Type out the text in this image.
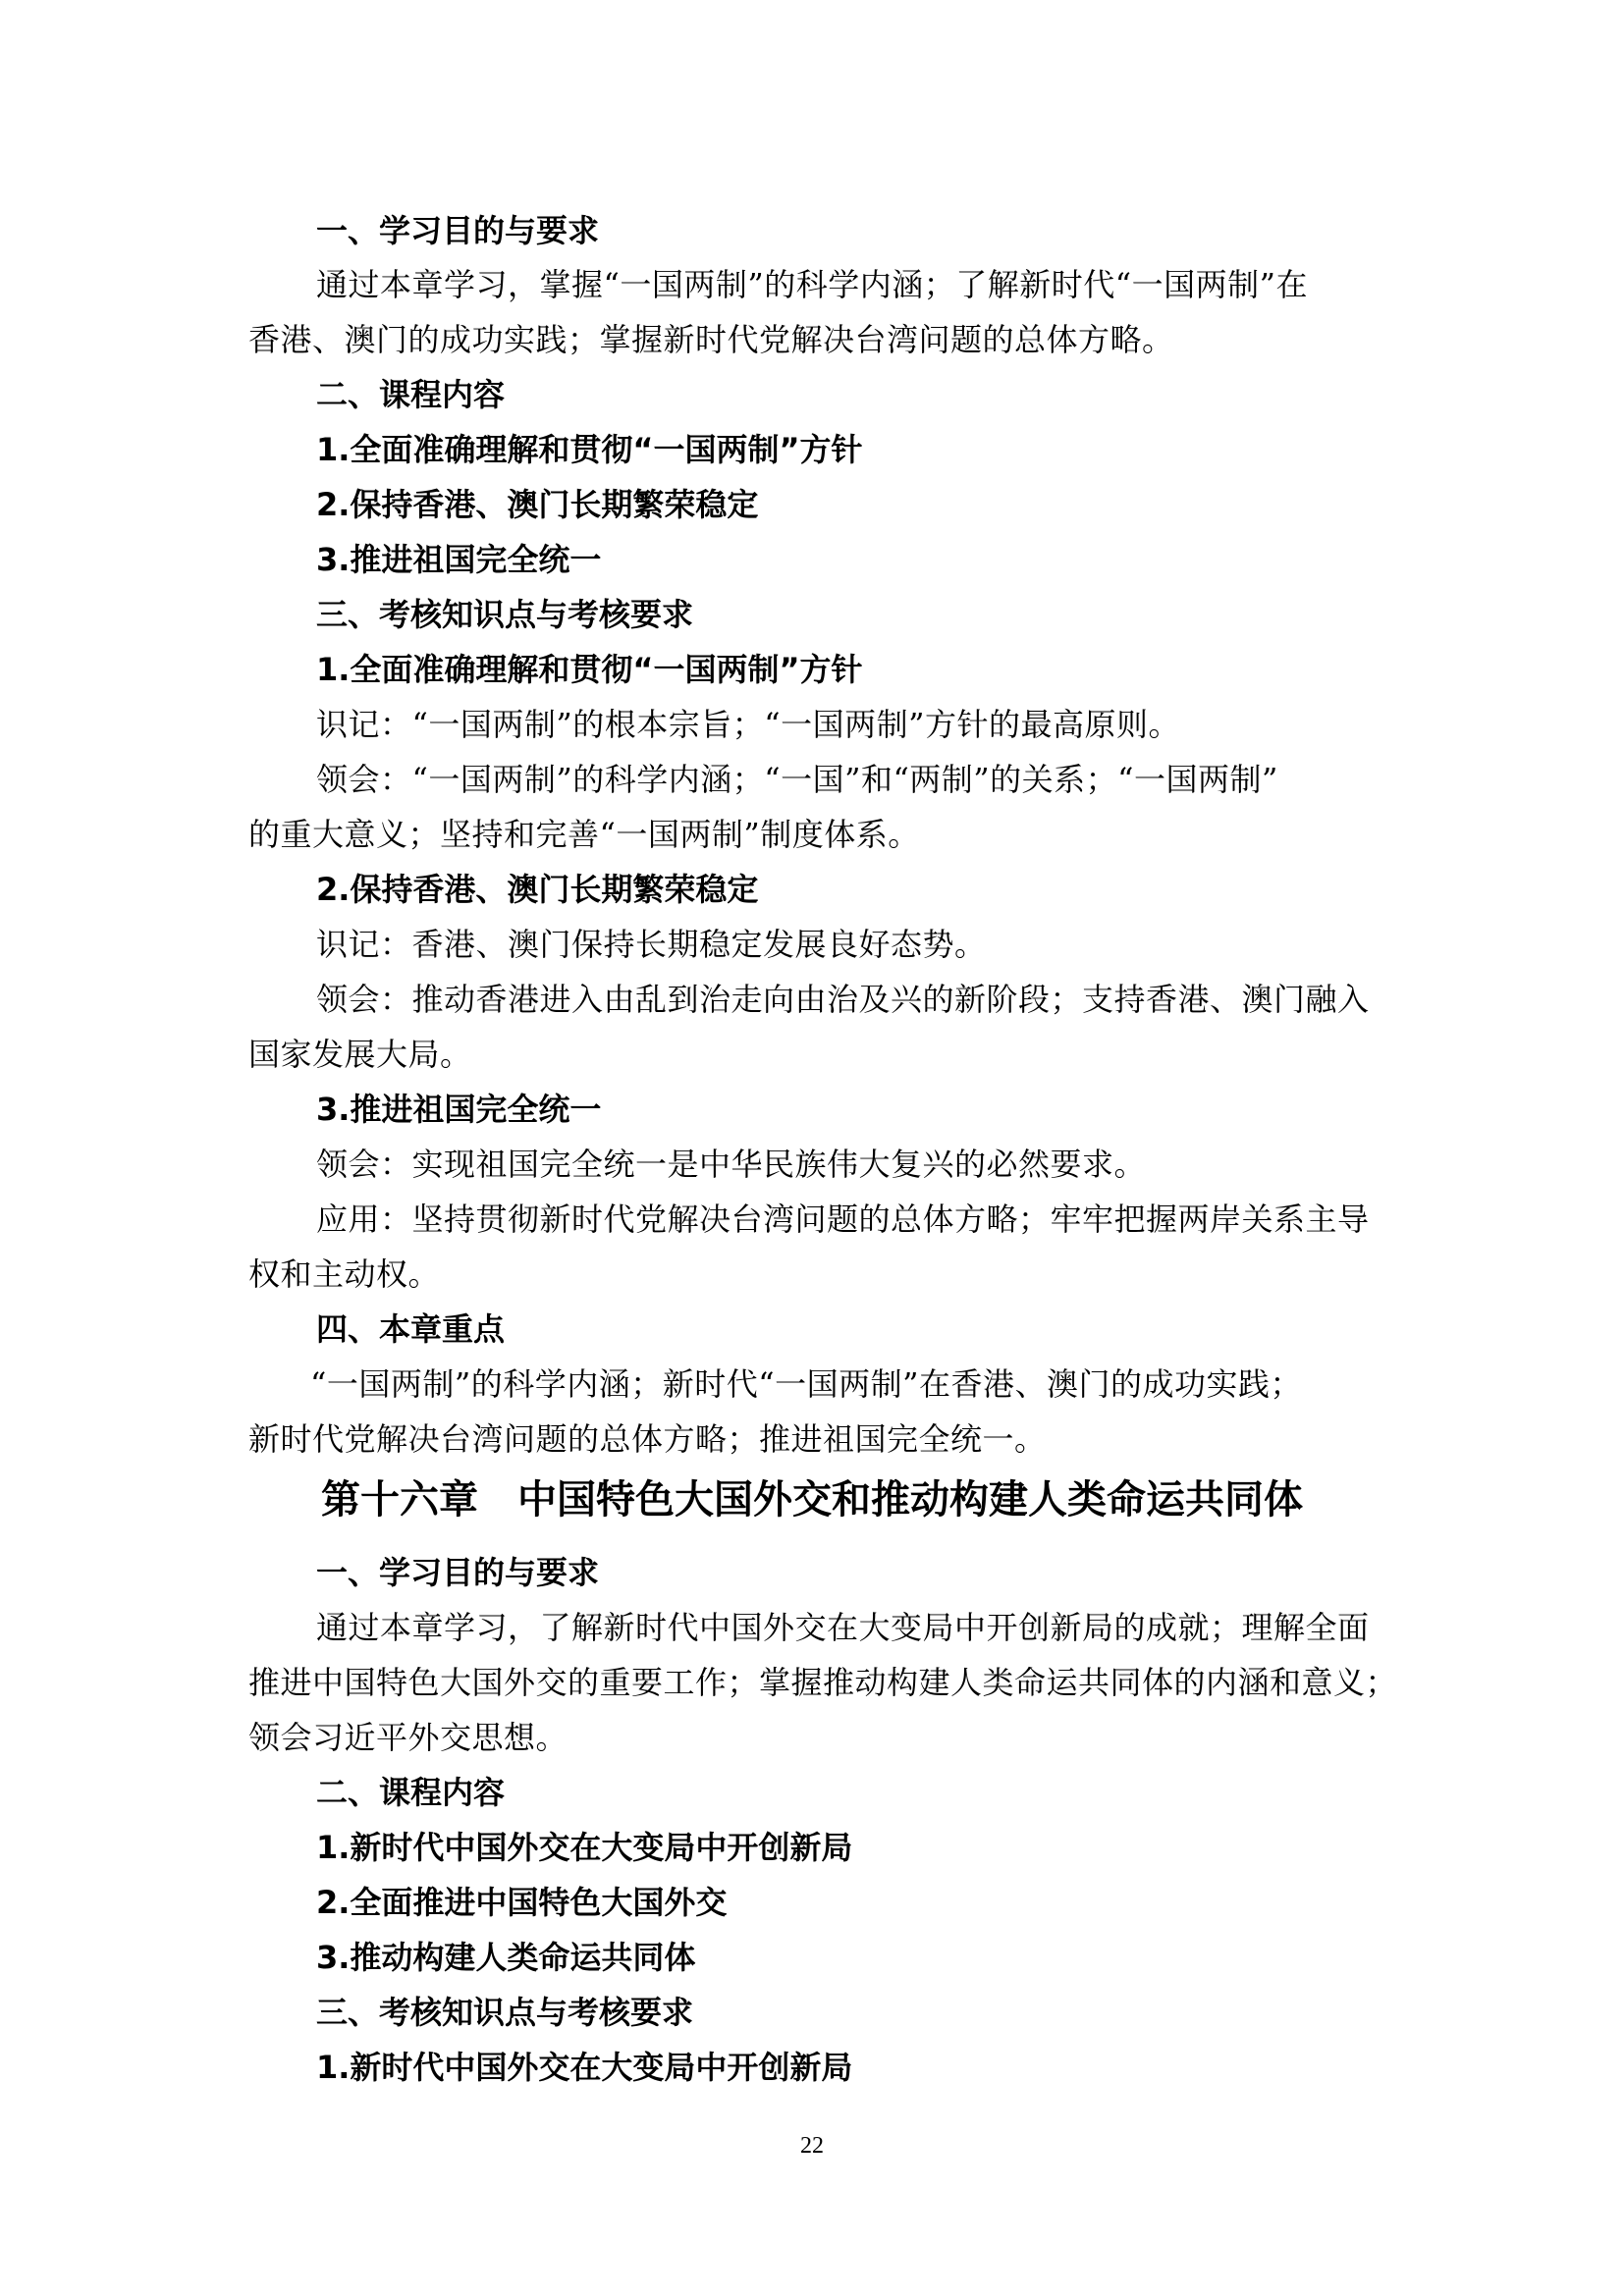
一、学习目的与要求
通过本章学习，掌握“一国两制”的科学内涵；了解新时代“一国两制”在
香港、澳门的成功实践；掌握新时代党解决台湾问题的总体方略。
二、课程内容
1.全面准确理解和贯彻“一国两制”方针
2.保持香港、澳门长期繁荣稳定
3.推进祖国完全统一
三、考核知识点与考核要求
1.全面准确理解和贯彻“一国两制”方针
识记：“一国两制”的根本宗旨；“一国两制”方针的最高原则。
领会：“一国两制”的科学内涵；“一国”和“两制”的关系；“一国两制”
的重大意义；坚持和完善“一国两制”制度体系。
2.保持香港、澳门长期繁荣稳定
识记：香港、澳门保持长期稳定发展良好态势。
领会：推动香港进入由乱到治走向由治及兴的新阶段；支持香港、澳门融入
国家发展大局。
3.推进祖国完全统一
领会：实现祖国完全统一是中华民族伟大复兴的必然要求。
应用：坚持贯彻新时代党解决台湾问题的总体方略；牢牢把握两岸关系主导
权和主动权。
四、本章重点
“一国两制”的科学内涵；新时代“一国两制”在香港、澳门的成功实践；
新时代党解决台湾问题的总体方略；推进祖国完全统一。
第十六章　中国特色大国外交和推动构建人类命运共同体
一、学习目的与要求
通过本章学习，了解新时代中国外交在大变局中开创新局的成就；理解全面
推进中国特色大国外交的重要工作；掌握推动构建人类命运共同体的内涵和意义；
领会习近平外交思想。
二、课程内容
1.新时代中国外交在大变局中开创新局
2.全面推进中国特色大国外交
3.推动构建人类命运共同体
三、考核知识点与考核要求
1.新时代中国外交在大变局中开创新局
22
